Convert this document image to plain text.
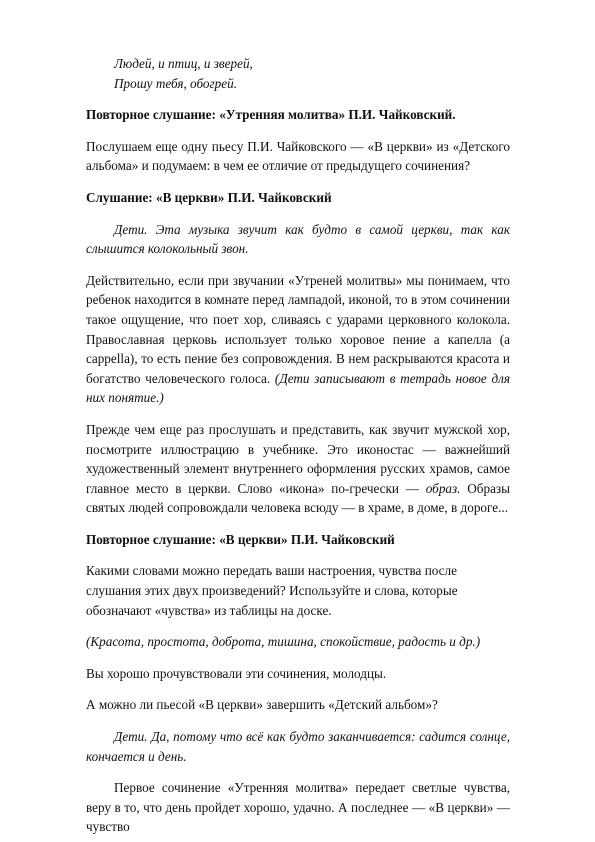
Людей, и птиц, и зверей,
Прошу тебя, обогрей.

Повторное слушание: «Утренняя молитва» П.И. Чайковский.

Послушаем еще одну пьесу П.И. Чайковского — «В церкви» из «Детского альбома» и подумаем: в чем ее отличие от предыдущего сочинения?

Слушание: «В церкви» П.И. Чайковский

Дети. Эта музыка звучит как будто в самой церкви, так как слышится колокольный звон.

Действительно, если при звучании «Утреней молитвы» мы понимаем, что ребенок находится в комнате перед лампадой, иконой, то в этом сочинении такое ощущение, что поет хор, сливаясь с ударами церковного колокола. Православная церковь использует только хоровое пение а капелла (a cappella), то есть пение без сопровождения. В нем раскрываются красота и богатство человеческого голоса. (Дети записывают в тетрадь новое для них понятие.)

Прежде чем еще раз прослушать и представить, как звучит мужской хор, посмотрите иллюстрацию в учебнике. Это иконостас — важнейший художественный элемент внутреннего оформления русских храмов, самое главное место в церкви. Слово «икона» по-гречески — образ. Образы святых людей сопровождали человека всюду — в храме, в доме, в дороге...

Повторное слушание: «В церкви» П.И. Чайковский

Какими словами можно передать ваши настроения, чувства после слушания этих двух произведений? Используйте и слова, которые обозначают «чувства» из таблицы на доске.

(Красота, простота, доброта, тишина, спокойствие, радость и др.)

Вы хорошо прочувствовали эти сочинения, молодцы.

А можно ли пьесой «В церкви» завершить «Детский альбом»?

Дети. Да, потому что всё как будто заканчивается: садится солнце, кончается и день.

Первое сочинение «Утренняя молитва» передает светлые чувства, веру в то, что день пройдет хорошо, удачно. А последнее — «В церкви» — чувство
